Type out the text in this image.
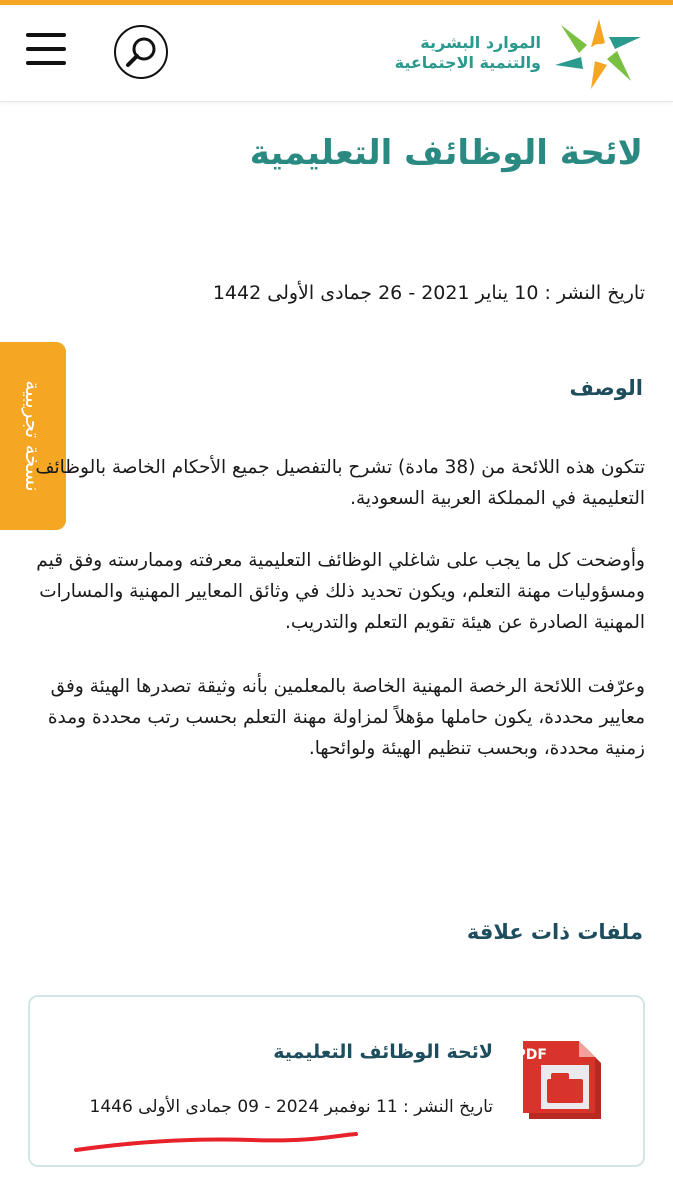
الموارد البشرية
والتنمية الاجتماعية
لائحة الوظائف التعليمية
تاريخ النشر : 10 يناير 2021 - 26 جمادى الأولى 1442
نسخة تجريبية	الوصف

تتكون هذه اللائحة من (38 مادة) تشرح بالتفصيل جميع الأحكام الخاصة بالوظائف التعليمية في المملكة العربية السعودية.

وأوضحت كل ما يجب على شاغلي الوظائف التعليمية معرفته وممارسته وفق قيم ومسؤوليات مهنة التعلم، ويكون تحديد ذلك في وثائق المعايير المهنية والمسارات المهنية الصادرة عن هيئة تقويم التعلم والتدريب.

وعرّفت اللائحة الرخصة المهنية الخاصة بالمعلمين بأنه وثيقة تصدرها الهيئة وفق معايير محددة، يكون حاملها مؤهلاً لمزاولة مهنة التعلم بحسب رتب محددة ومدة زمنية محددة، وبحسب تنظيم الهيئة ولوائحها.

ملفات ذات علاقة
PDF
لائحة الوظائف التعليمية
تاريخ النشر : 11 نوفمبر 2024 - 09 جمادى الأولى 1446
